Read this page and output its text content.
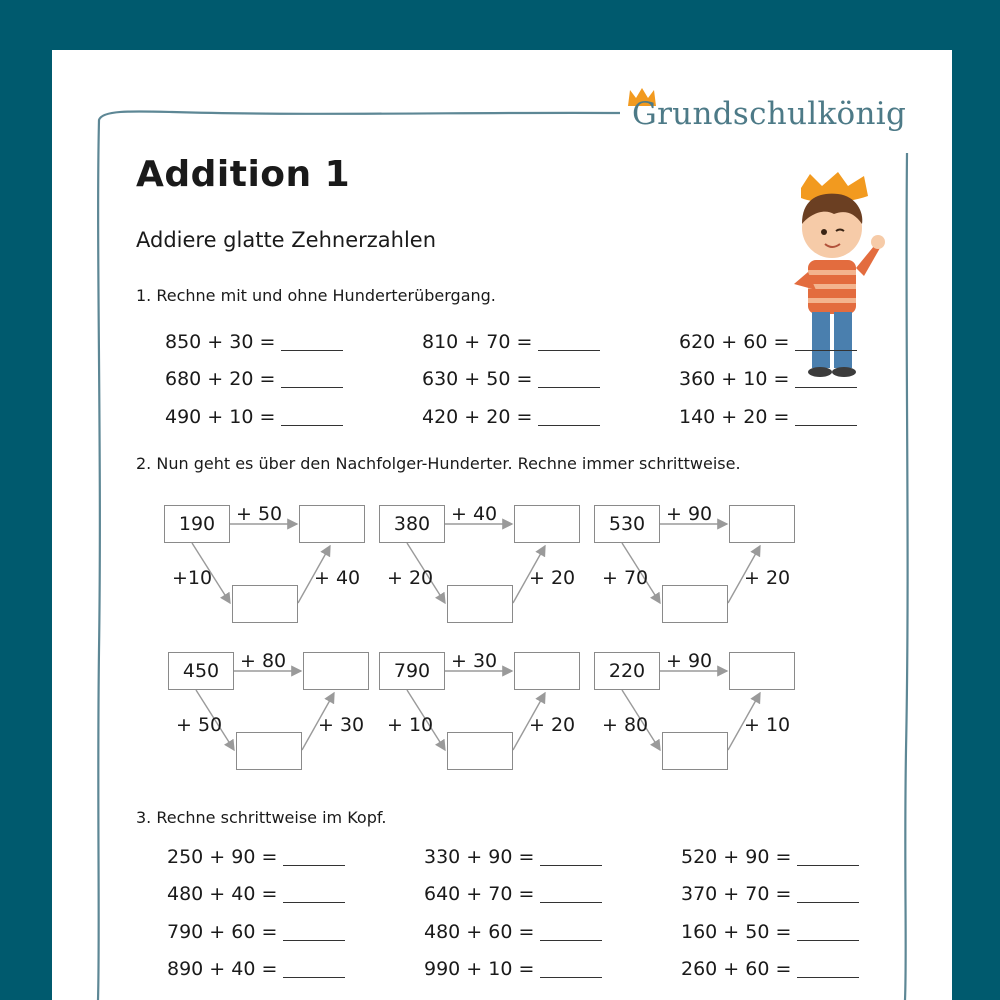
Grundschulkönig
Addition 1
Addiere glatte Zehnerzahlen

1. Rechne mit und ohne Hunderterübergang.

850 + 30 =	810 + 70 =	620 + 60 =
680 + 20 =	630 + 50 =	360 + 10 =
490 + 10 =	420 + 20 =	140 + 20 =

2. Nun geht es über den Nachfolger-Hunderter. Rechne immer schrittweise.

190	+ 50
+10	+ 40
380	+ 40
+ 20	+ 20
530	+ 90
+ 70	+ 20
450	+ 80
+ 50	+ 30
790	+ 30
+ 10	+ 20
220	+ 90
+ 80	+ 10

3. Rechne schrittweise im Kopf.

250 + 90 =	330 + 90 =	520 + 90 =
480 + 40 =	640 + 70 =	370 + 70 =
790 + 60 =	480 + 60 =	160 + 50 =
890 + 40 =	990 + 10 =	260 + 60 =
